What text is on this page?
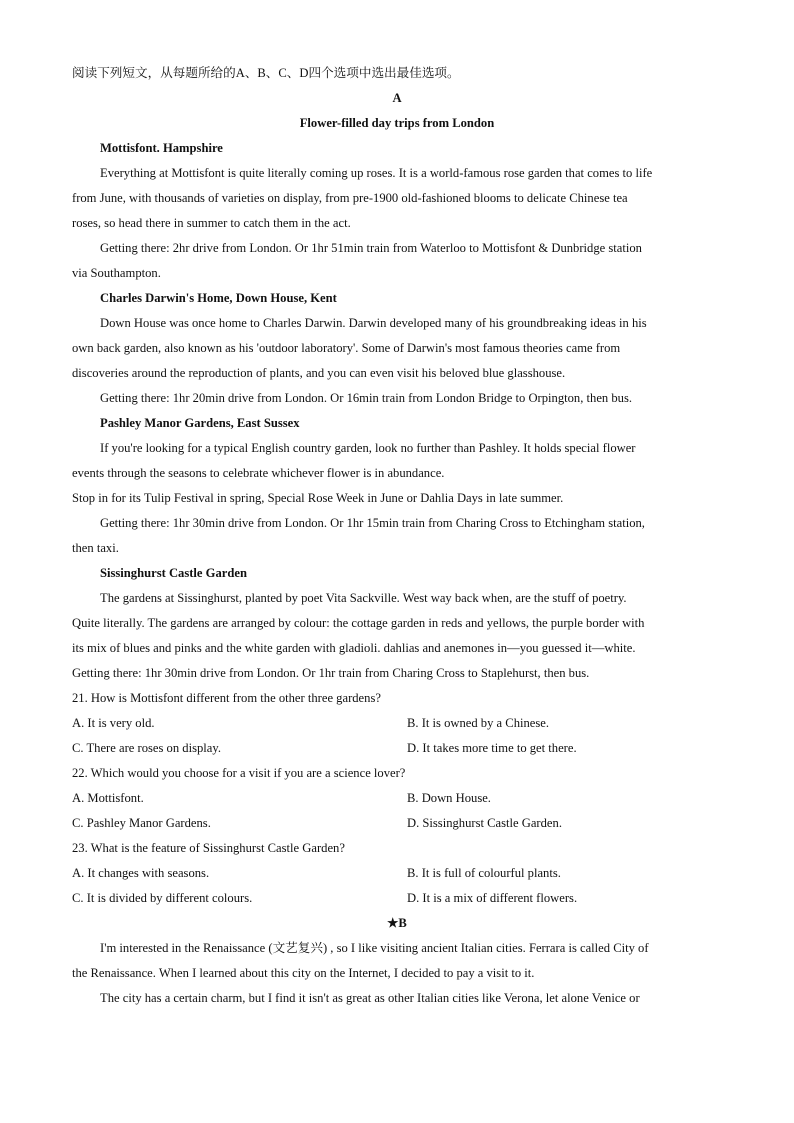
阅读下列短文，从每题所给的A、B、C、D四个选项中选出最佳选项。
A
Flower-filled day trips from London
Mottisfont. Hampshire
Everything at Mottisfont is quite literally coming up roses. It is a world-famous rose garden that comes to life
from June, with thousands of varieties on display, from pre-1900 old-fashioned blooms to delicate Chinese tea
roses, so head there in summer to catch them in the act.
Getting there: 2hr drive from London. Or 1hr 51min train from Waterloo to Mottisfont & Dunbridge station
via Southampton.
Charles Darwin's Home, Down House, Kent
Down House was once home to Charles Darwin. Darwin developed many of his groundbreaking ideas in his
own back garden, also known as his 'outdoor laboratory'. Some of Darwin's most famous theories came from
discoveries around the reproduction of plants, and you can even visit his beloved blue glasshouse.
Getting there: 1hr 20min drive from London. Or 16min train from London Bridge to Orpington, then bus.
Pashley Manor Gardens, East Sussex
If you're looking for a typical English country garden, look no further than Pashley. It holds special flower
events through the seasons to celebrate whichever flower is in abundance.
Stop in for its Tulip Festival in spring, Special Rose Week in June or Dahlia Days in late summer.
Getting there: 1hr 30min drive from London. Or 1hr 15min train from Charing Cross to Etchingham station,
then taxi.
Sissinghurst Castle Garden
The gardens at Sissinghurst, planted by poet Vita Sackville. West way back when, are the stuff of poetry.
Quite literally. The gardens are arranged by colour: the cottage garden in reds and yellows, the purple border with
its mix of blues and pinks and the white garden with gladioli. dahlias and anemones in—you guessed it—white.
Getting there: 1hr 30min drive from London. Or 1hr train from Charing Cross to Staplehurst, then bus.
21. How is Mottisfont different from the other three gardens?
A. It is very old.	B. It is owned by a Chinese.
C. There are roses on display.	D. It takes more time to get there.
22. Which would you choose for a visit if you are a science lover?
A. Mottisfont.	B. Down House.
C. Pashley Manor Gardens.	D. Sissinghurst Castle Garden.
23. What is the feature of Sissinghurst Castle Garden?
A. It changes with seasons.	B. It is full of colourful plants.
C. It is divided by different colours.	D. It is a mix of different flowers.
★B
I'm interested in the Renaissance (文艺复兴) , so I like visiting ancient Italian cities. Ferrara is called City of
the Renaissance. When I learned about this city on the Internet, I decided to pay a visit to it.
The city has a certain charm, but I find it isn't as great as other Italian cities like Verona, let alone Venice or
